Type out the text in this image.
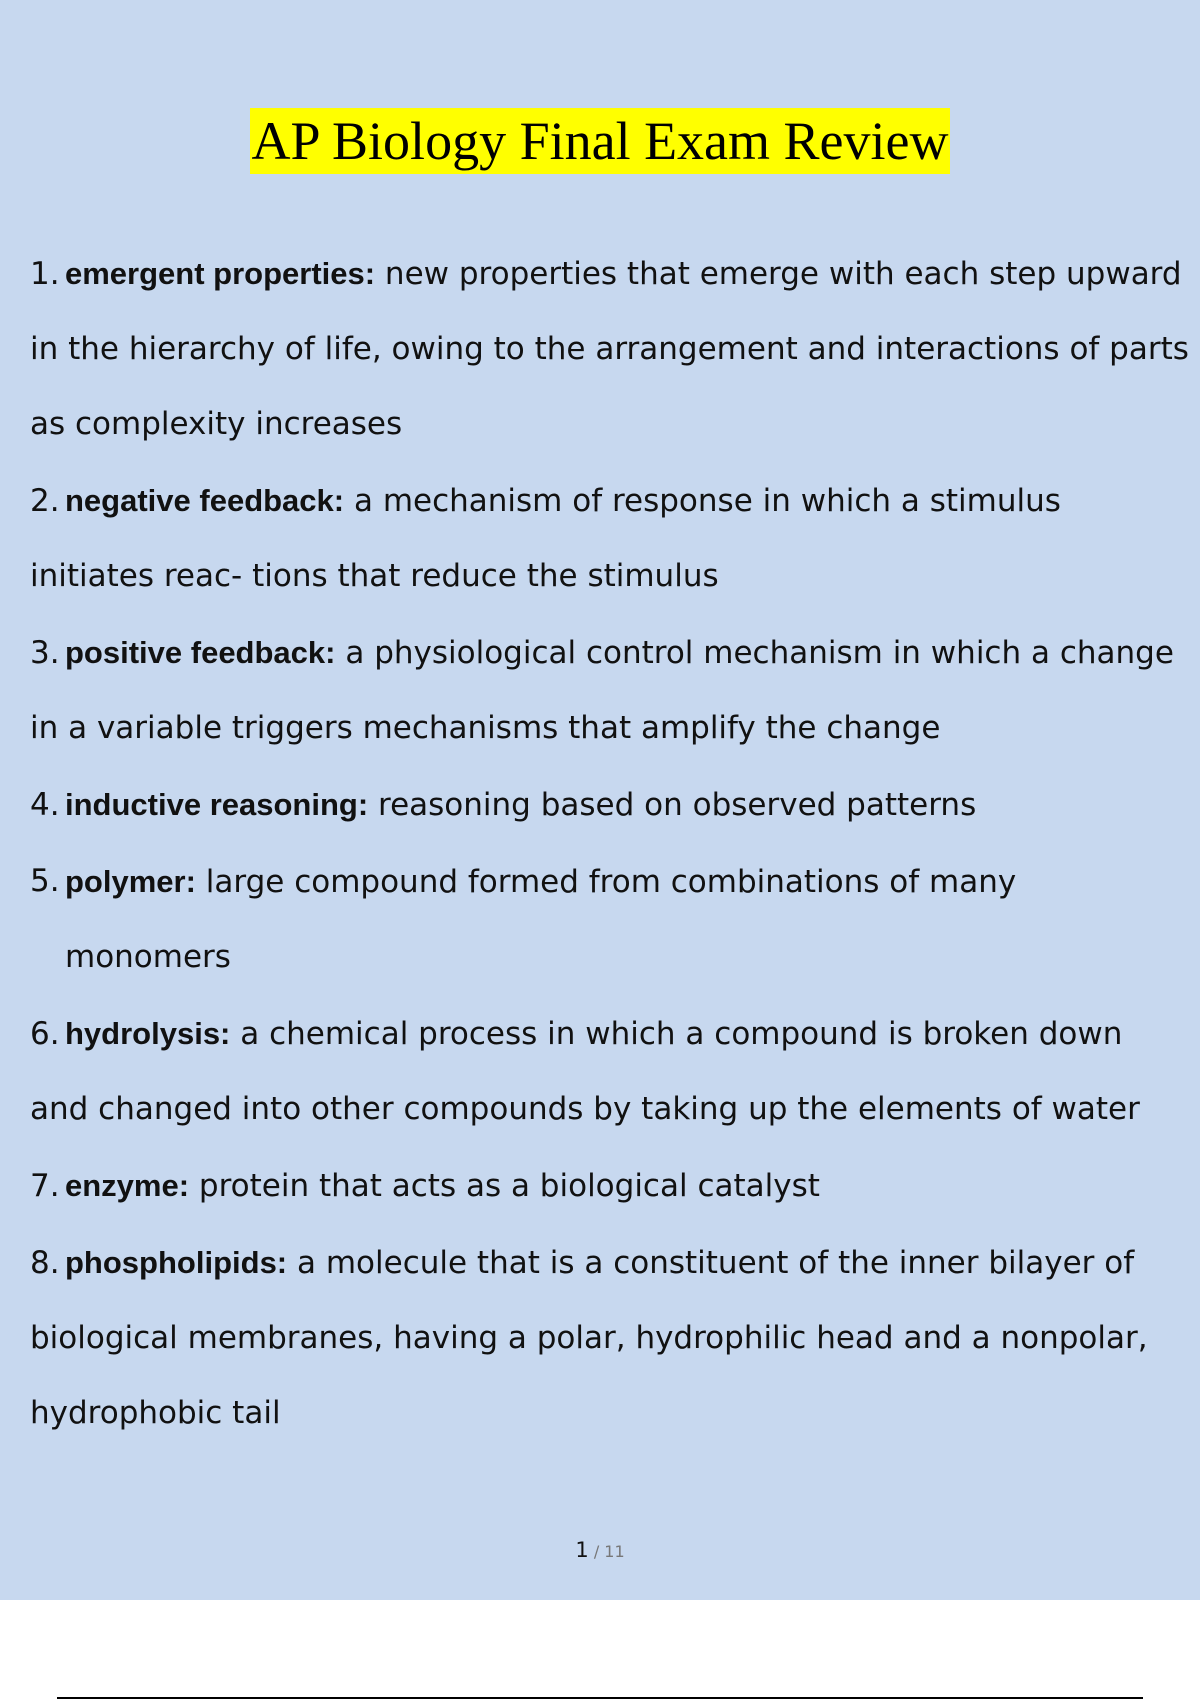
AP Biology Final Exam Review
1. emergent properties: new properties that emerge with each step upward in the hierarchy of life, owing to the arrangement and interactions of parts as complexity increases
2. negative feedback: a mechanism of response in which a stimulus initiates reac- tions that reduce the stimulus
3. positive feedback: a physiological control mechanism in which a change in a variable triggers mechanisms that amplify the change
4. inductive reasoning: reasoning based on observed patterns
5. polymer: large compound formed from combinations of many monomers
6. hydrolysis: a chemical process in which a compound is broken down and changed into other compounds by taking up the elements of water
7. enzyme: protein that acts as a biological catalyst
8. phospholipids: a molecule that is a constituent of the inner bilayer of biological membranes, having a polar, hydrophilic head and a nonpolar, hydrophobic tail
1 / 11
